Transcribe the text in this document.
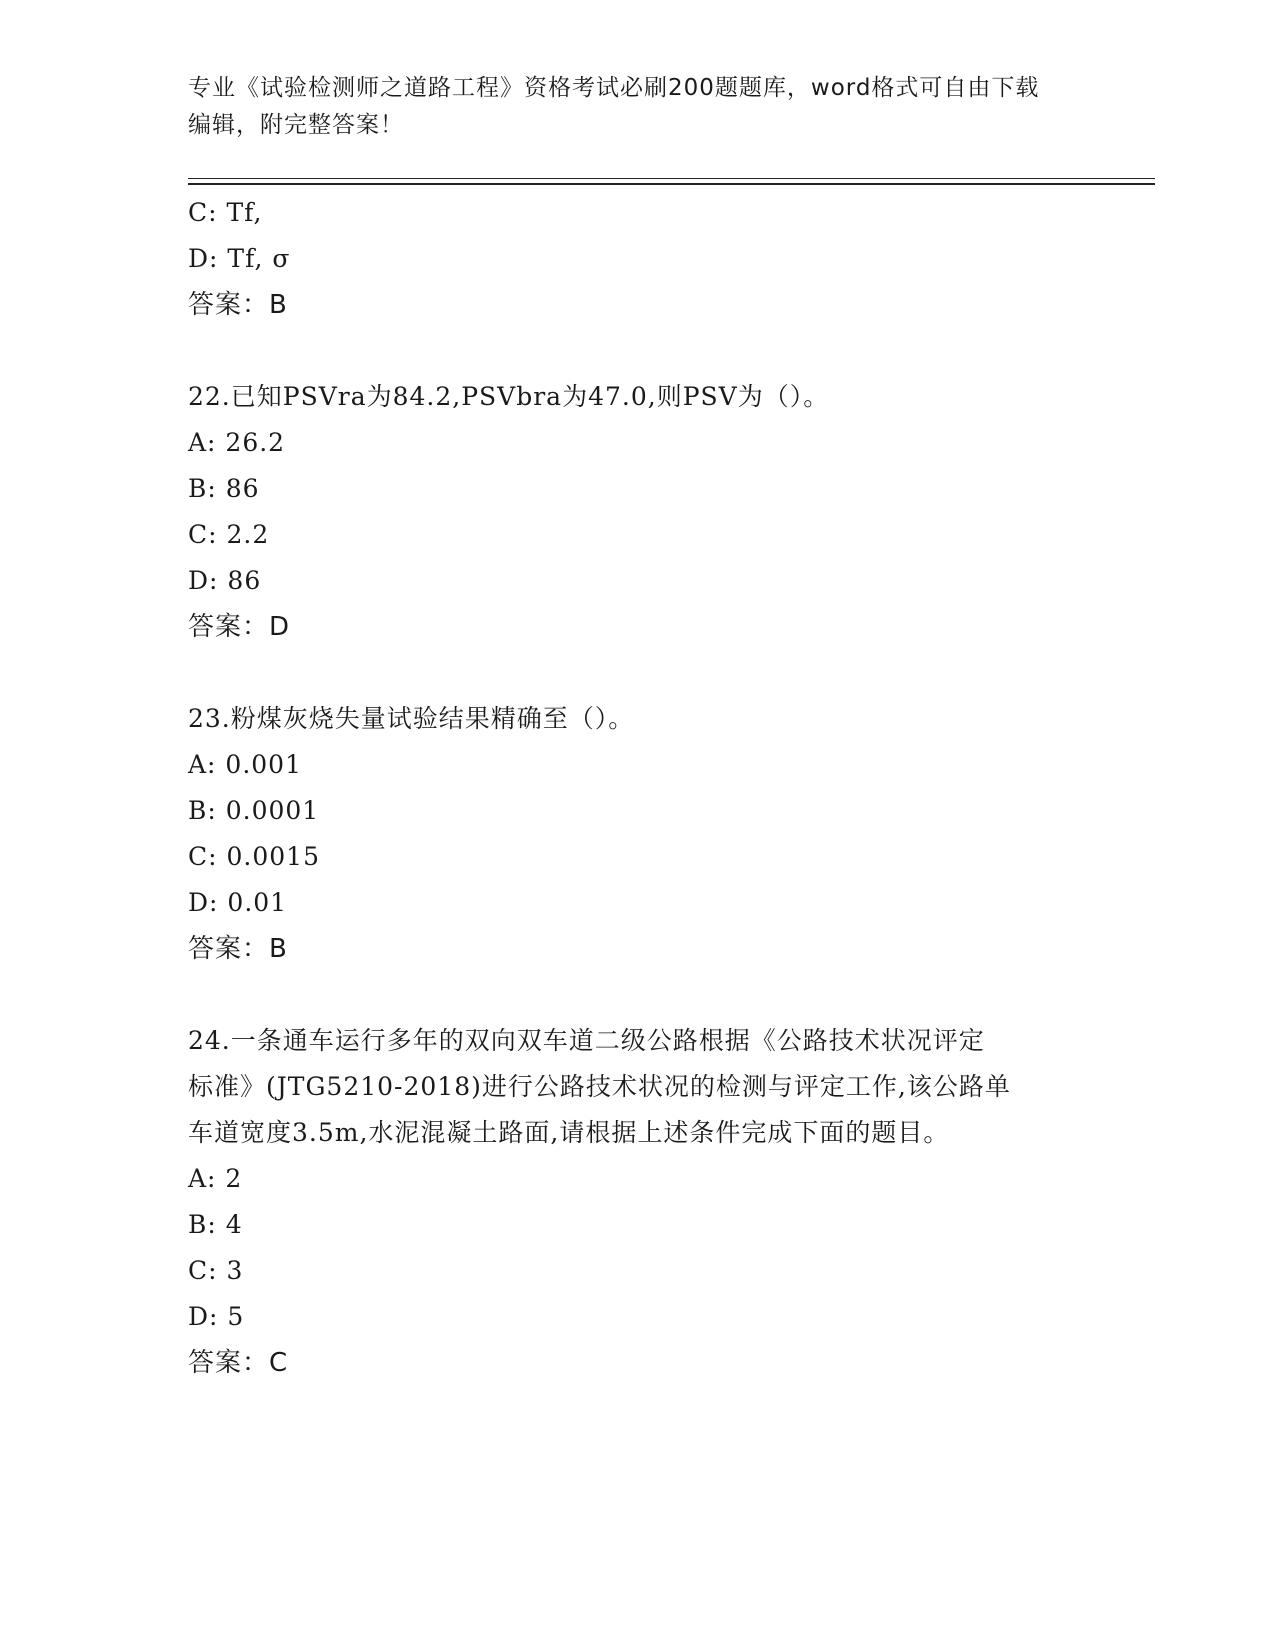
专业《试验检测师之道路工程》资格考试必刷200题题库，word格式可自由下载
编辑，附完整答案！
C: Tf,
D: Tf, σ
答案：B
22.已知PSVra为84.2,PSVbra为47.0,则PSV为（）。
A: 26.2
B: 86
C: 2.2
D: 86
答案：D
23.粉煤灰烧失量试验结果精确至（）。
A: 0.001
B: 0.0001
C: 0.0015
D: 0.01
答案：B
24.一条通车运行多年的双向双车道二级公路根据《公路技术状况评定
标准》(JTG5210-2018)进行公路技术状况的检测与评定工作,该公路单
车道宽度3.5m,水泥混凝土路面,请根据上述条件完成下面的题目。
A: 2
B: 4
C: 3
D: 5
答案：C
